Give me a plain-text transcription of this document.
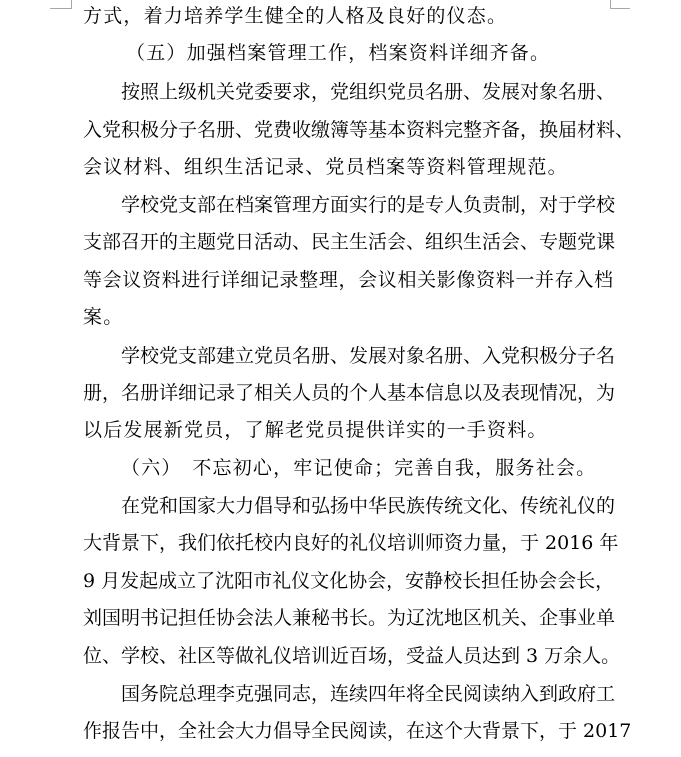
方式，着力培养学生健全的人格及良好的仪态。
（五）加强档案管理工作，档案资料详细齐备。
按照上级机关党委要求，党组织党员名册、发展对象名册、
入党积极分子名册、党费收缴簿等基本资料完整齐备，换届材料、
会议材料、组织生活记录、党员档案等资料管理规范。
学校党支部在档案管理方面实行的是专人负责制，对于学校
支部召开的主题党日活动、民主生活会、组织生活会、专题党课
等会议资料进行详细记录整理，会议相关影像资料一并存入档
案。
学校党支部建立党员名册、发展对象名册、入党积极分子名
册，名册详细记录了相关人员的个人基本信息以及表现情况，为
以后发展新党员，了解老党员提供详实的一手资料。
（六）　不忘初心，牢记使命；完善自我，服务社会。
在党和国家大力倡导和弘扬中华民族传统文化、传统礼仪的
大背景下，我们依托校内良好的礼仪培训师资力量，于 2016 年
9 月发起成立了沈阳市礼仪文化协会，安静校长担任协会会长，
刘国明书记担任协会法人兼秘书长。为辽沈地区机关、企事业单
位、学校、社区等做礼仪培训近百场，受益人员达到 3 万余人。
国务院总理李克强同志，连续四年将全民阅读纳入到政府工
作报告中，全社会大力倡导全民阅读，在这个大背景下，于 2017
